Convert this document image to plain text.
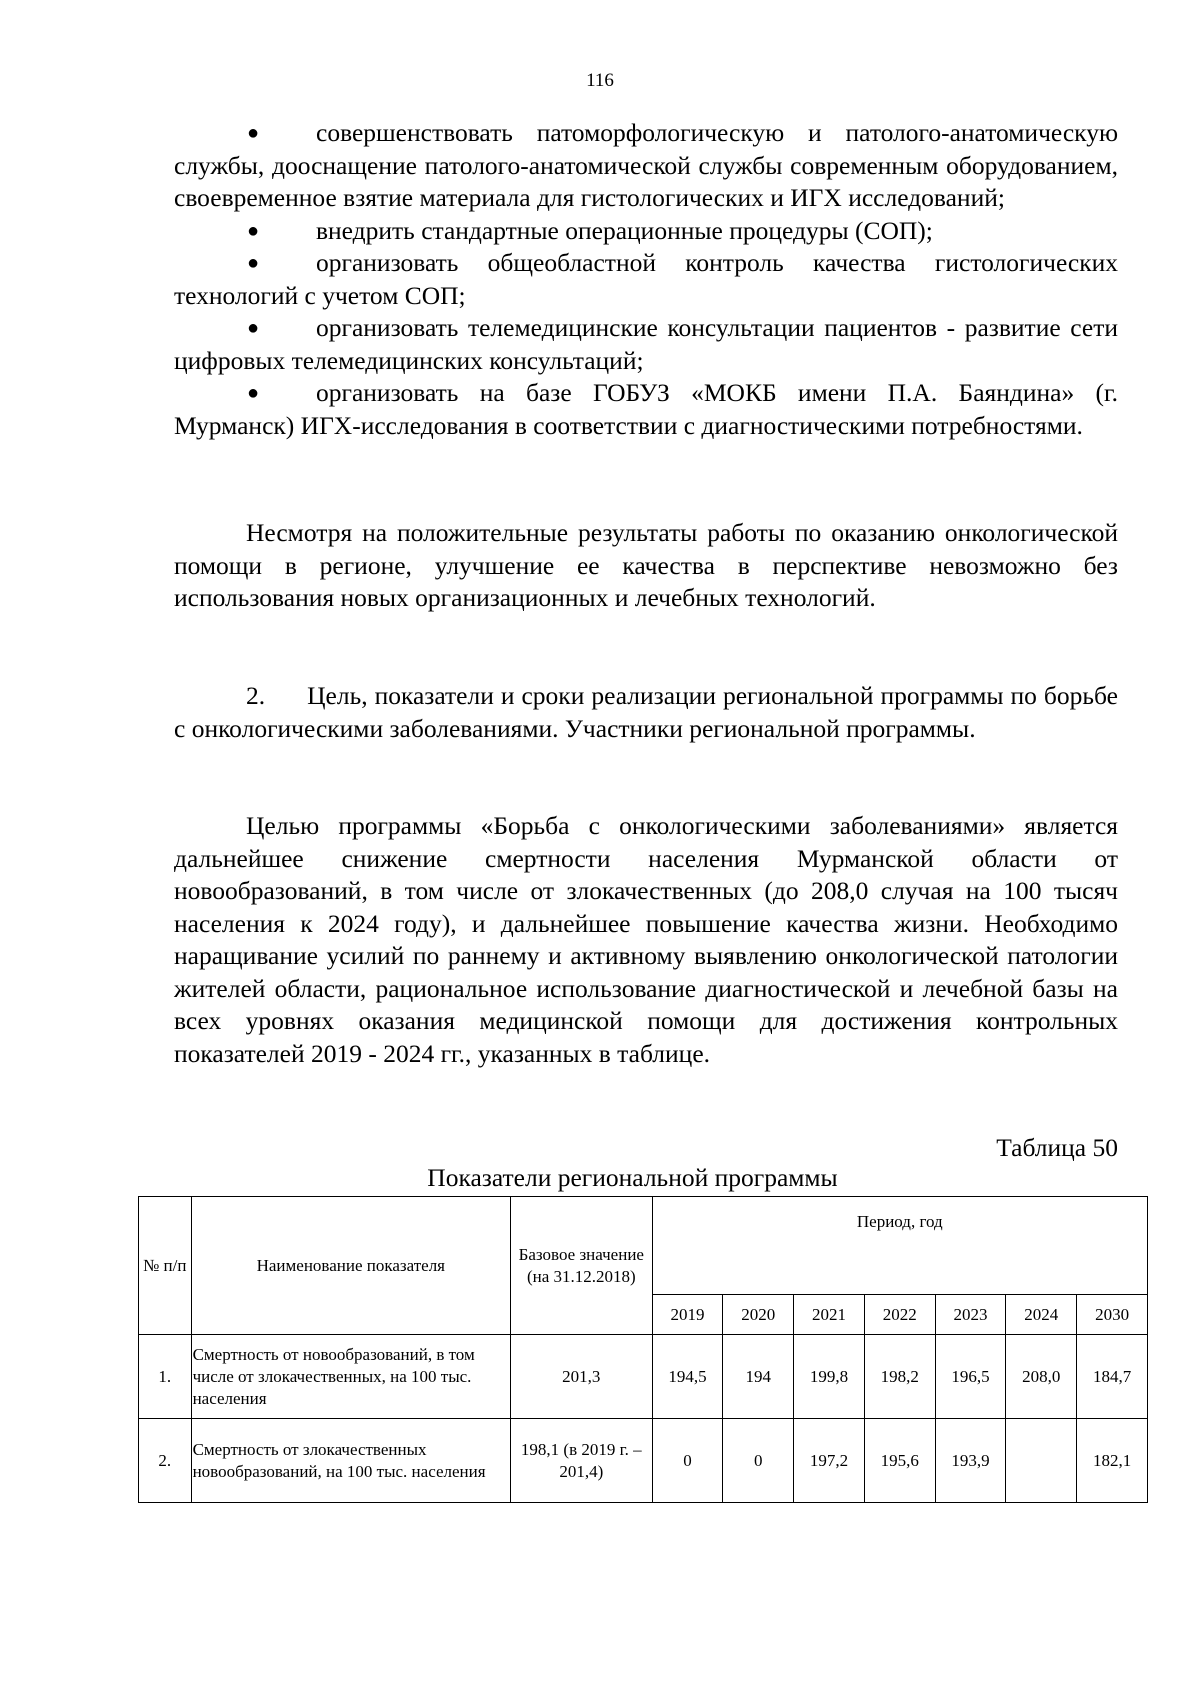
116
● совершенствовать патоморфологическую и патолого-анатомическую службы, дооснащение патолого-анатомической службы современным оборудованием, своевременное взятие материала для гистологических и ИГХ исследований;
● внедрить стандартные операционные процедуры (СОП);
● организовать общеобластной контроль качества гистологических технологий с учетом СОП;
● организовать телемедицинские консультации пациентов - развитие сети цифровых телемедицинских консультаций;
● организовать на базе ГОБУЗ «МОКБ имени П.А. Баяндина» (г. Мурманск) ИГХ-исследования в соответствии с диагностическими потребностями.

Несмотря на положительные результаты работы по оказанию онкологической помощи в регионе, улучшение ее качества в перспективе невозможно без использования новых организационных и лечебных технологий.

2.      Цель, показатели и сроки реализации региональной программы по борьбе с онкологическими заболеваниями. Участники региональной программы.

Целью программы «Борьба с онкологическими заболеваниями» является дальнейшее снижение смертности населения Мурманской области от новообразований, в том числе от злокачественных (до 208,0 случая на 100 тысяч населения к 2024 году), и дальнейшее повышение качества жизни. Необходимо наращивание усилий по раннему и активному выявлению онкологической патологии жителей области, рациональное использование диагностической и лечебной базы на всех уровнях оказания медицинской помощи для достижения контрольных показателей 2019 - 2024 гг., указанных в таблице.

Таблица 50
Показатели региональной программы
№ п/п	Наименование показателя	Базовое значение (на 31.12.2018)	Период, год						
			2019	2020	2021	2022	2023	2024	2030
1.	Смертность от новообразований, в том числе от злокачественных, на 100 тыс. населения	201,3	194,5	194	199,8	198,2	196,5	208,0	184,7
2.	Смертность от злокачественных новообразований, на 100 тыс. населения	198,1 (в 2019 г. – 201,4)	0	0	197,2	195,6	193,9		182,1
